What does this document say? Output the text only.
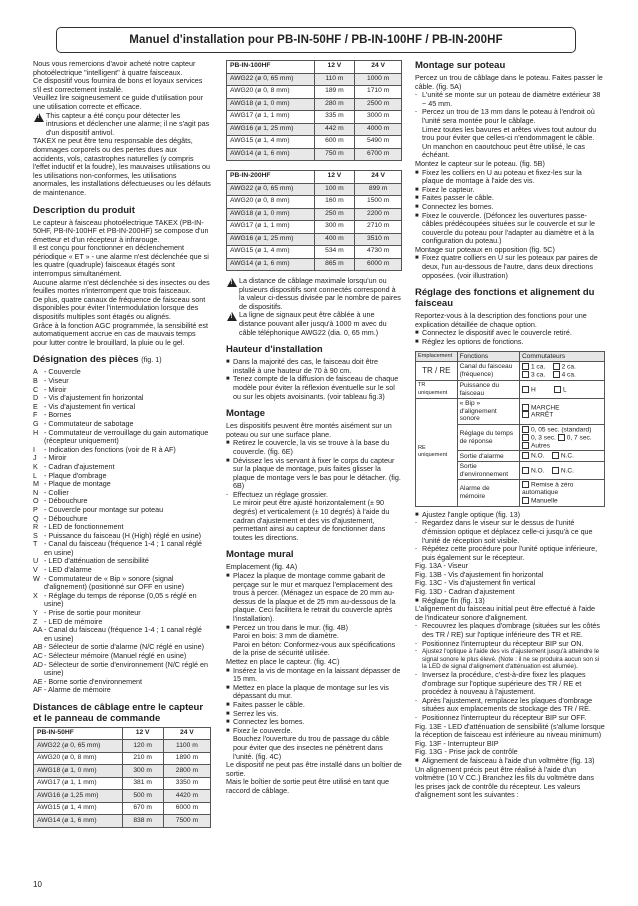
Manuel d'installation pour PB-IN-50HF / PB-IN-100HF / PB-IN-200HF

Nous vous remercions d'avoir acheté notre capteur photoélectrique "intelligent" à quatre faisceaux.

Ce dispositif vous fournira de bons et loyaux services s'il est correctement installé.

Veuillez lire soigneusement ce guide d'utilisation pour une utilisation correcte et efficace.

!
This capteur a été conçu pour détecter les intrusions et déclencher une alarme; il ne s'agit pas d'un dispositif antivol.

TAKEX ne peut être tenu responsable des dégâts, dommages corporels ou des pertes dues aux accidents, vols, catastrophes naturelles (y compris l'effet inductif et la foudre), les mauvaises utilisations ou les utilisations non-conformes, les utilisations anormales, les installations défectueuses ou les défauts de maintenance.

Description du produit

Le capteur à faisceau photoélectrique TAKEX (PB-IN-50HF, PB-IN-100HF et PB-IN-200HF) se compose d'un émetteur et d'un récepteur à infrarouge.

Il est conçu pour fonctionner en déclenchement périodique « ET » - une alarme n'est déclenchée que si les quatre (quadruple) faisceaux étagés sont interrompus simultanément.

Aucune alarme n'est déclenchée si des insectes ou des feuilles mortes n'interrompent que trois faisceaux.

De plus, quatre canaux de fréquence de faisceau sont disponibles pour éviter l'intermodulation lorsque des dispositifs multiples sont étagés ou alignés.

Grâce à la fonction AGC programmée, la sensibilité est automatiquement accrue en cas de mauvais temps pour lutter contre le brouillard, la pluie ou le gel.

Désignation des pièces (fig. 1)
A - Couvercle
B - Viseur
C - Miroir
D - Vis d'ajustement fin horizontal
E - Vis d'ajustement fin vertical
F - Bornes
G - Commutateur de sabotage
H - Commutateur de verrouillage du gain automatique (récepteur uniquement)
I	- Indication des fonctions (voir de R à AF)
J	- Miroir
K - Cadran d'ajustement
L - Plaque d'ombrage
M - Plaque de montage
N - Collier
O - Débouchure
P - Couvercle pour montage sur poteau
Q - Débouchure
R - LED de fonctionnement
S - Puissance du faisceau (H (High) réglé en usine)
T - Canal du faisceau (fréquence 1-4 ; 1 canal réglé en usine)
U - LED d'atténuation de sensibilité
V - LED d'alarme
W - Commutateur de « Bip » sonore (signal d'alignement) (positionné sur OFF en usine)
X - Réglage du temps de réponse (0,05 s réglé en usine)
Y - Prise de sortie pour moniteur
Z - LED de mémoire
AA - Canal du faisceau (fréquence 1-4 ; 1 canal réglé en usine)
AB - Sélecteur de sortie d'alarme (N/C réglé en usine)
AC - Sélecteur mémoire (Manuel réglé en usine)
AD - Sélecteur de sortie d'environnement (N/C réglé en usine)
AE - Borne sortie d'environnement
AF - Alarme de mémoire
Distances de câblage entre le capteur et le panneau de commande
PB-IN-50HF	12 V	24 V
AWG22 (ø 0, 65 mm)	120 m	1100 m
AWG20 (ø 0, 8 mm)	210 m	1890 m
AWG18 (ø 1, 0 mm)	300 m	2800 m
AWG17 (ø 1, 1 mm)	381 m	3350 m
AWG16 (ø 1,25 mm)	500 m	4420 m
AWG15 (ø 1, 4 mm)	670 m	6000 m
AWG14 (ø 1, 6 mm)	838 m	7500 m
PB-IN-100HF	12 V	24 V
AWG22 (ø 0, 65 mm)	110 m	1000 m
AWG20 (ø 0, 8 mm)	189 m	1710 m
AWG18 (ø 1, 0 mm)	280 m	2500 m
AWG17 (ø 1, 1 mm)	335 m	3000 m
AWG16 (ø 1, 25 mm)	442 m	4000 m
AWG15 (ø 1, 4 mm)	600 m	5490 m
AWG14 (ø 1, 6 mm)	750 m	6700 m
PB-IN-200HF	12 V	24 V
AWG22 (ø 0, 65 mm)	100 m	899 m
AWG20 (ø 0, 8 mm)	160 m	1500 m
AWG18 (ø 1, 0 mm)	250 m	2200 m
AWG17 (ø 1, 1 mm)	300 m	2710 m
AWG16 (ø 1, 25 mm)	400 m	3510 m
AWG15 (ø 1, 4 mm)	534 m	4730 m
AWG14 (ø 1, 6 mm)	865 m	6000 m
!
La distance de câblage maximale lorsqu'un ou plusieurs dispositifs sont connectés correspond à la valeur ci-dessus divisée par le nombre de paires de dispositifs.
!
La ligne de signaux peut être câblée à une distance pouvant aller jusqu'à 1000 m avec du câble téléphonique AWG22 (dia. 0, 65 mm.)
Hauteur d'installation
■ Dans la majorité des cas, le faisceau doit être installé à une hauteur de 70 à 90 cm.
■ Tenez compte de la diffusion de faisceau de chaque modèle pour éviter la réflexion éventuelle sur le sol ou sur les objets avoisinants. (voir tableau fig.3)
Montage

Les dispositifs peuvent être montés aisément sur un poteau ou sur une surface plane.

■ Retirez le couvercle, la vis se trouve à la base du couvercle. (fig. 6E)
■ Dévissez les vis servant à fixer le corps du capteur sur la plaque de montage, puis faites glisser la plaque de montage vers le bas pour le détacher. (fig. 6B)
- Effectuez un réglage grossier.

Le miroir peut être ajusté horizontalement (± 90 degrés) et verticalement (± 10 degrés) à l'aide du cadran d'ajustement et des vis d'ajustement, permettant ainsi au capteur de fonctionner dans toutes les directions.

Montage mural

Emplacement (fig. 4A)

■ Placez la plaque de montage comme gabarit de perçage sur le mur et marquez l'emplacement des trous à percer. (Ménagez un espace de 20 mm au-dessus de la plaque et de 25 mm au-dessous de la plaque. Ceci facilitera le retrait du couvercle après l'installation).
■ Percez un trou dans le mur. (fig. 4B)

Paroi en bois: 3 mm de diamètre.

Paroi en béton: Conformez-vous aux spécifications de la prise de sécurité utilisée.

Mettez en place le capteur. (fig. 4C)

■ Insérez la vis de montage en la laissant dépasser de 15 mm.
■ Mettez en place la plaque de montage sur les vis dépassant du mur.
■ Faites passer le câble.
■ Serrez les vis.
■ Connectez les bornes.
■ Fixez le couvercle.

Bouchez l'ouverture du trou de passage du câble pour éviter que des insectes ne pénètrent dans l'unité. (fig. 4C)

Le dispositif ne peut pas être installé dans un boîtier de sortie.

Mais le boîtier de sortie peut être utilisé en tant que raccord de câblage.

Montage sur poteau

Percez un trou de câblage dans le poteau. Faites passer le câble. (fig. 5A)

- L'unité se monte sur un poteau de diamètre extérieur 38 ~ 45 mm.
- Percez un trou de 13 mm dans le poteau à l'endroit où l'unité sera montée pour le câblage.

Limez toutes les bavures et arêtes vives tout autour du trou pour éviter que celles-ci n'endommagent le câble. Un manchon en caoutchouc peut être utilisé, le cas échéant.

Montez le capteur sur le poteau. (fig. 5B)

■ Fixez les colliers en U au poteau et fixez-les sur la plaque de montage à l'aide des vis.
■ Fixez le capteur.
■ Faites passer le câble.
■ Connectez les bornes.
■ Fixez le couvercle. (Défoncez les ouvertures passe-câbles prédécoupées situées sur le couvercle et sur le couvercle du poteau pour l'adapter au diamètre et à la configuration du poteau.)

Montage sur poteaux en opposition (fig. 5C)

■ Fixez quatre colliers en U sur les poteaux par paires de deux, l'un au-dessous de l'autre, dans deux directions opposées. (voir illustration)
Réglage des fonctions et alignement du faisceau

Reportez-vous à la description des fonctions pour une explication détaillée de chaque option.

■ Connectez le dispositif avec le couvercle retiré.
■ Réglez les options de fonctions.
Emplacement	Fonctions	Commutateurs
TR / RE	Canal du faisceau (fréquence)	1 ca. 2 ca.
3 ca. 4 ca.

TR uniquement	Puissance du faisceau	H L
RE uniquement	« Bip » d'alignement sonore	MARCHE
ARRÊT

	Réglage du temps de réponse	0, 05 sec. (standard)
0, 3 sec. 0, 7 sec.
Autres

	Sortie d'alarme	N.O. N.C.
	Sortie d'environnement	N.O. N.C.
	Alarme de mémoire	Remise à zéro automatique
Manuelle
■ Ajustez l'angle optique (fig. 13)
- Regardez dans le viseur sur le dessus de l'unité d'émission optique et déplacez celle-ci jusqu'à ce que l'unité de réception soit visible.
- Répétez cette procédure pour l'unité optique inférieure, puis également sur le récepteur.

Fig. 13A - Viseur

Fig. 13B - Vis d'ajustement fin horizontal

Fig. 13C - Vis d'ajustement fin vertical

Fig. 13D - Cadran d'ajustement

■ Réglage fin (fig. 13)

L'alignement du faisceau initial peut être effectué à l'aide de l'indicateur sonore d'alignement.

- Recouvrez les plaques d'ombrage (situées sur les côtés des TR / RE) sur l'optique inférieure des TR et RE.
- Positionnez l'interrupteur du récepteur BIP sur ON.
- Ajustez l'optique à l'aide des vis d'ajustement jusqu'à atteindre le signal sonore le plus élevé. (Note : il ne se produira aucun son si la LED de signal d'alignement d'atténuation est allumée).
- Inversez la procédure, c'est-à-dire fixez les plaques d'ombrage sur l'optique supérieure des TR / RE et procédez à nouveau à l'ajustement.
- Après l'ajustement, remplacez les plaques d'ombrage situées aux emplacements de stockage des TR / RE.
- Positionnez l'interrupteur du récepteur BIP sur OFF.

Fig. 13E - LED d'atténuation de sensibilité (s'allume lorsque la réception de faisceau est inférieure au niveau minimum)

Fig. 13F - Interrupteur BIP

Fig. 13G - Prise jack de contrôle

■ Alignement de faisceau à l'aide d'un voltmètre (fig. 13)

Un alignement précis peut être réalisé à l'aide d'un voltmètre (10 V CC.) Branchez les fils du voltmètre dans les prises jack de contrôle du récepteur. Les valeurs d'alignement sont les suivantes :

10
